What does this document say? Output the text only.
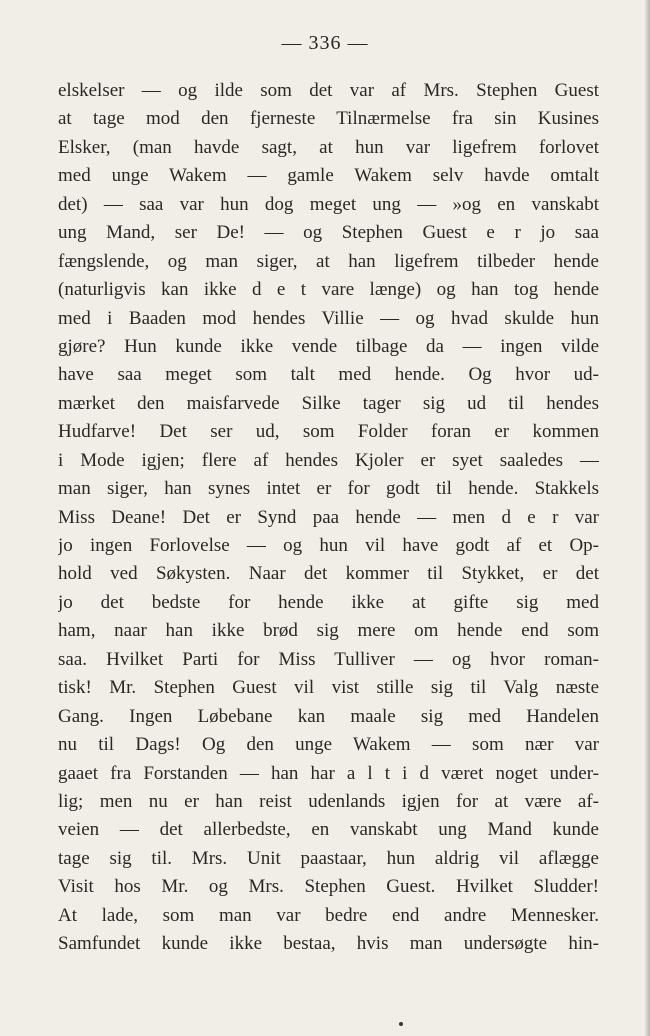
— 336 —
elskelser — og ilde som det var af Mrs. Stephen Guest
at tage mod den fjerneste Tilnærmelse fra sin Kusines
Elsker, (man havde sagt, at hun var ligefrem forlovet
med unge Wakem — gamle Wakem selv havde omtalt
det) — saa var hun dog meget ung — »og en vanskabt
ung Mand, ser De! — og Stephen Guest e r jo saa
fængslende, og man siger, at han ligefrem tilbeder hende
(naturligvis kan ikke d e t vare længe) og han tog hende
med i Baaden mod hendes Villie — og hvad skulde hun
gjøre? Hun kunde ikke vende tilbage da — ingen vilde
have saa meget som talt med hende. Og hvor ud-
mærket den maisfarvede Silke tager sig ud til hendes
Hudfarve! Det ser ud, som Folder foran er kommen
i Mode igjen; flere af hendes Kjoler er syet saaledes —
man siger, han synes intet er for godt til hende. Stakkels
Miss Deane! Det er Synd paa hende — men d e r var
jo ingen Forlovelse — og hun vil have godt af et Op-
hold ved Søkysten. Naar det kommer til Stykket, er det
jo det bedste for hende ikke at gifte sig med
ham, naar han ikke brød sig mere om hende end som
saa. Hvilket Parti for Miss Tulliver — og hvor roman-
tisk! Mr. Stephen Guest vil vist stille sig til Valg næste
Gang. Ingen Løbebane kan maale sig med Handelen
nu til Dags! Og den unge Wakem — som nær var
gaaet fra Forstanden — han har a l t i d været noget under-
lig; men nu er han reist udenlands igjen for at være af-
veien — det allerbedste, en vanskabt ung Mand kunde
tage sig til. Mrs. Unit paastaar, hun aldrig vil aflægge
Visit hos Mr. og Mrs. Stephen Guest. Hvilket Sludder!
At lade, som man var bedre end andre Mennesker.
Samfundet kunde ikke bestaa, hvis man undersøgte hin-
